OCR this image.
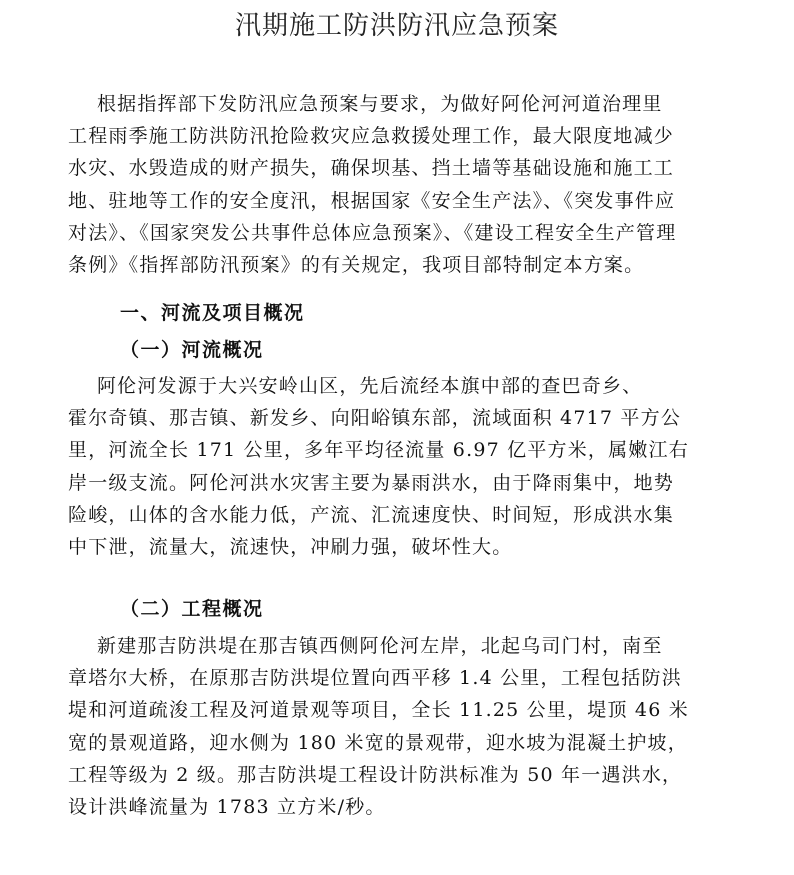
汛期施工防洪防汛应急预案
根据指挥部下发防汛应急预案与要求，为做好阿伦河河道治理里
工程雨季施工防洪防汛抢险救灾应急救援处理工作，最大限度地减少
水灾、水毁造成的财产损失，确保坝基、挡土墙等基础设施和施工工
地、驻地等工作的安全度汛，根据国家《安全生产法》、《突发事件应
对法》、《国家突发公共事件总体应急预案》、《建设工程安全生产管理
条例》《指挥部防汛预案》的有关规定，我项目部特制定本方案。
一、河流及项目概况
（一）河流概况
阿伦河发源于大兴安岭山区，先后流经本旗中部的查巴奇乡、
霍尔奇镇、那吉镇、新发乡、向阳峪镇东部，流域面积 4717 平方公
里，河流全长 171 公里，多年平均径流量 6.97 亿平方米，属嫩江右
岸一级支流。阿伦河洪水灾害主要为暴雨洪水，由于降雨集中，地势
险峻，山体的含水能力低，产流、汇流速度快、时间短，形成洪水集
中下泄，流量大，流速快，冲刷力强，破坏性大。
（二）工程概况
新建那吉防洪堤在那吉镇西侧阿伦河左岸，北起乌司门村，南至
章塔尔大桥，在原那吉防洪堤位置向西平移 1.4 公里，工程包括防洪
堤和河道疏浚工程及河道景观等项目，全长 11.25 公里，堤顶 46 米
宽的景观道路，迎水侧为 180 米宽的景观带，迎水坡为混凝土护坡，
工程等级为 2 级。那吉防洪堤工程设计防洪标准为 50 年一遇洪水，
设计洪峰流量为 1783 立方米/秒。
